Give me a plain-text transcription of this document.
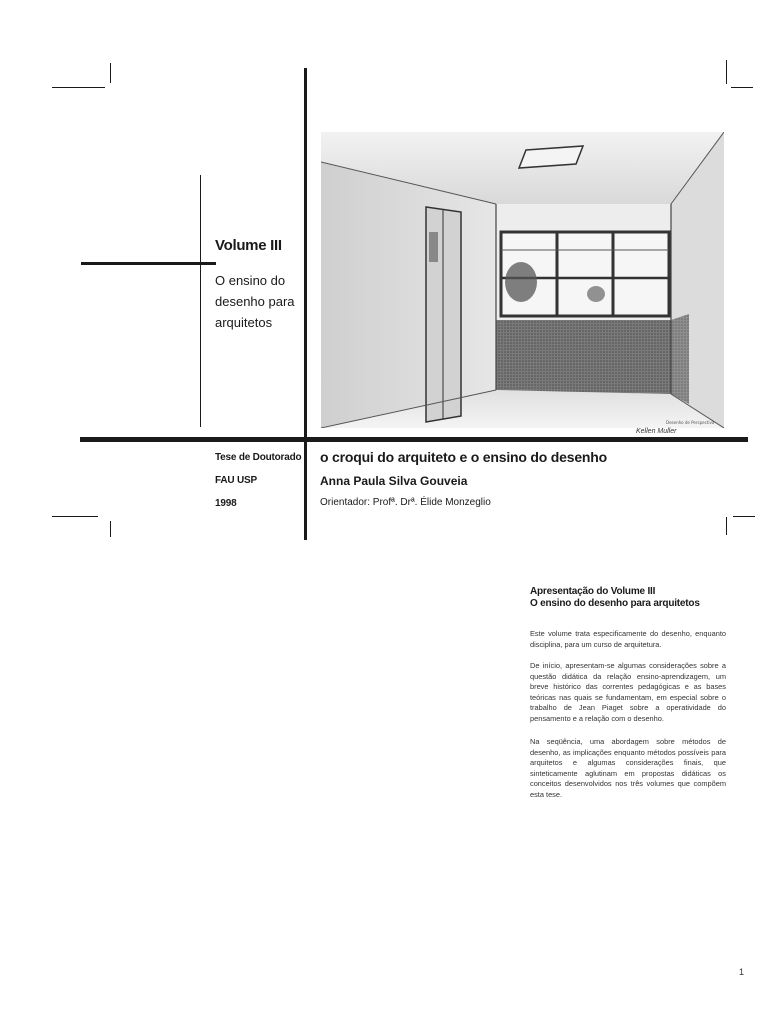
Volume III
O ensino do desenho para arquitetos
Tese de Doutorado
FAU USP
1998
o croqui do arquiteto e o ensino do desenho
Anna Paula Silva Gouveia
Orientador: Profª. Drª. Élide Monzeglio
Desenho de Perspectiva
Kellen Muller
Apresentação do Volume III
O ensino do desenho para arquitetos
Este volume trata especificamente do desenho, enquanto disciplina, para um curso de arquitetura.
De início, apresentam-se algumas considerações sobre a questão didática da relação ensino-aprendizagem, um breve histórico das correntes pedagógicas e as bases teóricas nas quais se fundamentam, em especial sobre o trabalho de Jean Piaget sobre a operatividade do pensamento e a relação com o desenho.
Na seqüência, uma abordagem sobre métodos de desenho, as implicações enquanto métodos possíveis para arquitetos e algumas considerações finais, que sinteticamente aglutinam em propostas didáticas os conceitos desenvolvidos nos três volumes que compõem esta tese.
1
